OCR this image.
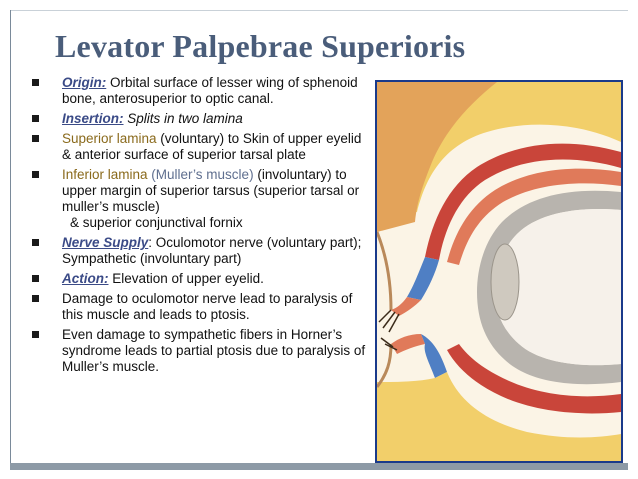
Levator Palpebrae Superioris
Origin: Orbital surface of lesser wing of sphenoid bone, anterosuperior to optic canal.
Insertion: Splits in two lamina
Superior lamina (voluntary) to Skin of upper eyelid & anterior surface of superior tarsal plate
Inferior lamina (Muller’s muscle) (involuntary) to upper margin of superior tarsus (superior tarsal or muller’s muscle)
& superior conjunctival fornix
Nerve Supply: Oculomotor nerve (voluntary part); Sympathetic (involuntary part)
Action: Elevation of upper eyelid.
Damage to oculomotor nerve lead to paralysis of this muscle and leads to ptosis.
Even damage to sympathetic fibers in Horner’s syndrome leads to partial ptosis due to paralysis of Muller’s muscle.
